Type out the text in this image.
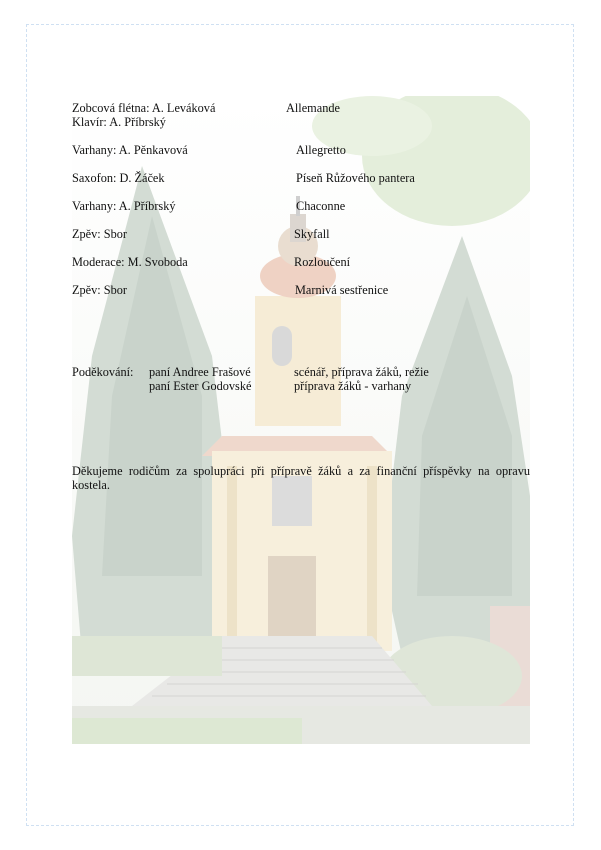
Zobcová flétna: A. Leváková	Allemande
Klavír: A. Příbrský
Varhany: A. Pěnkavová	Allegretto
Saxofon: D. Žáček	Píseň Růžového pantera
Varhany: A. Příbrský	Chaconne
Zpěv: Sbor	Skyfall
Moderace: M. Svoboda	Rozloučení
Zpěv: Sbor	Marnivá sestřenice
Poděkování: paní Andree Frašové	scénář, příprava žáků, režie
paní Ester Godovské	příprava žáků - varhany
Děkujeme rodičům za spolupráci při přípravě žáků a za finanční příspěvky na opravu kostela.
